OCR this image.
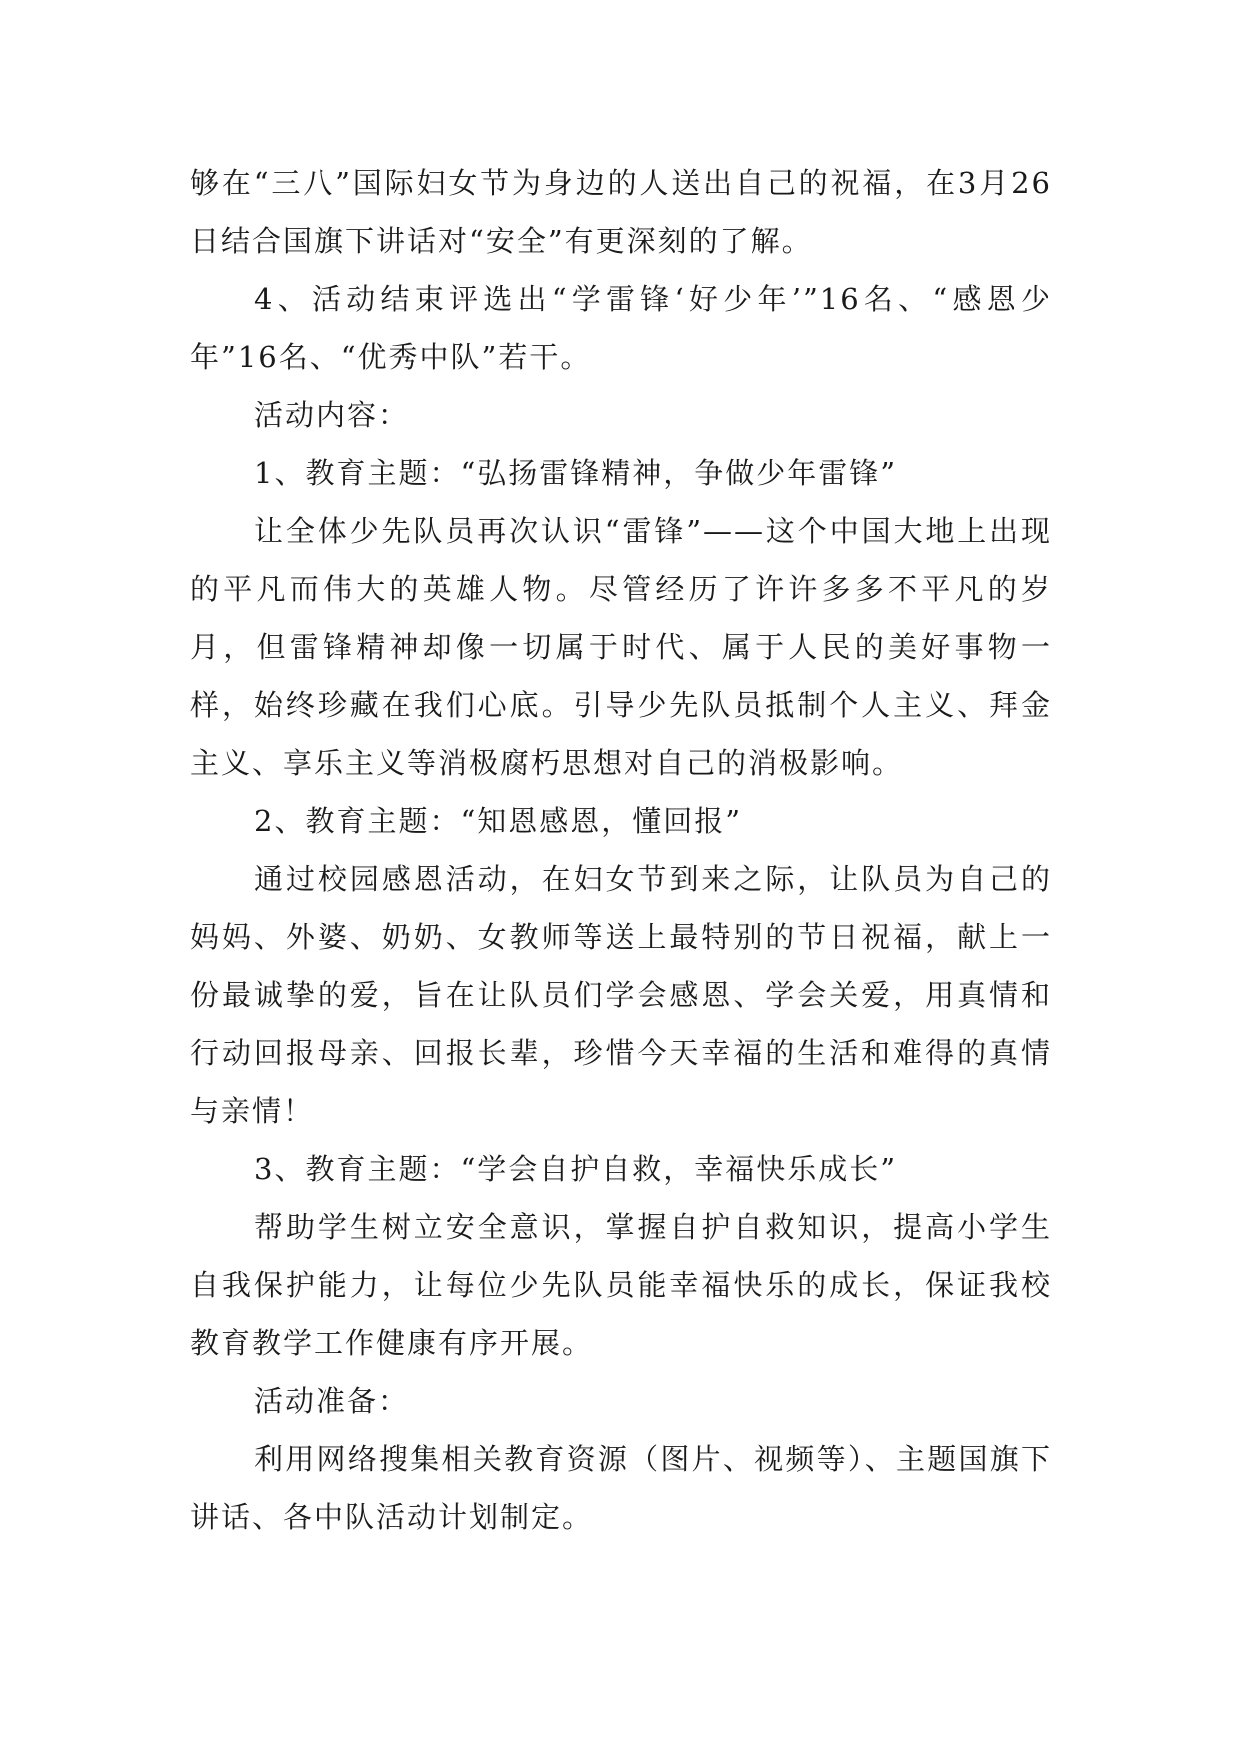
够在“三八”国际妇女节为身边的人送出自己的祝福，在3月26日结合国旗下讲话对“安全”有更深刻的了解。

4、活动结束评选出“学雷锋‘好少年’”16名、“感恩少年”16名、“优秀中队”若干。

活动内容：

1、教育主题：“弘扬雷锋精神，争做少年雷锋”

让全体少先队员再次认识“雷锋”——这个中国大地上出现的平凡而伟大的英雄人物。尽管经历了许许多多不平凡的岁月，但雷锋精神却像一切属于时代、属于人民的美好事物一样，始终珍藏在我们心底。引导少先队员抵制个人主义、拜金主义、享乐主义等消极腐朽思想对自己的消极影响。

2、教育主题：“知恩感恩，懂回报”

通过校园感恩活动，在妇女节到来之际，让队员为自己的妈妈、外婆、奶奶、女教师等送上最特别的节日祝福，献上一份最诚挚的爱，旨在让队员们学会感恩、学会关爱，用真情和行动回报母亲、回报长辈，珍惜今天幸福的生活和难得的真情与亲情！

3、教育主题：“学会自护自救，幸福快乐成长”

帮助学生树立安全意识，掌握自护自救知识，提高小学生自我保护能力，让每位少先队员能幸福快乐的成长，保证我校教育教学工作健康有序开展。

活动准备：

利用网络搜集相关教育资源（图片、视频等）、主题国旗下讲话、各中队活动计划制定。
